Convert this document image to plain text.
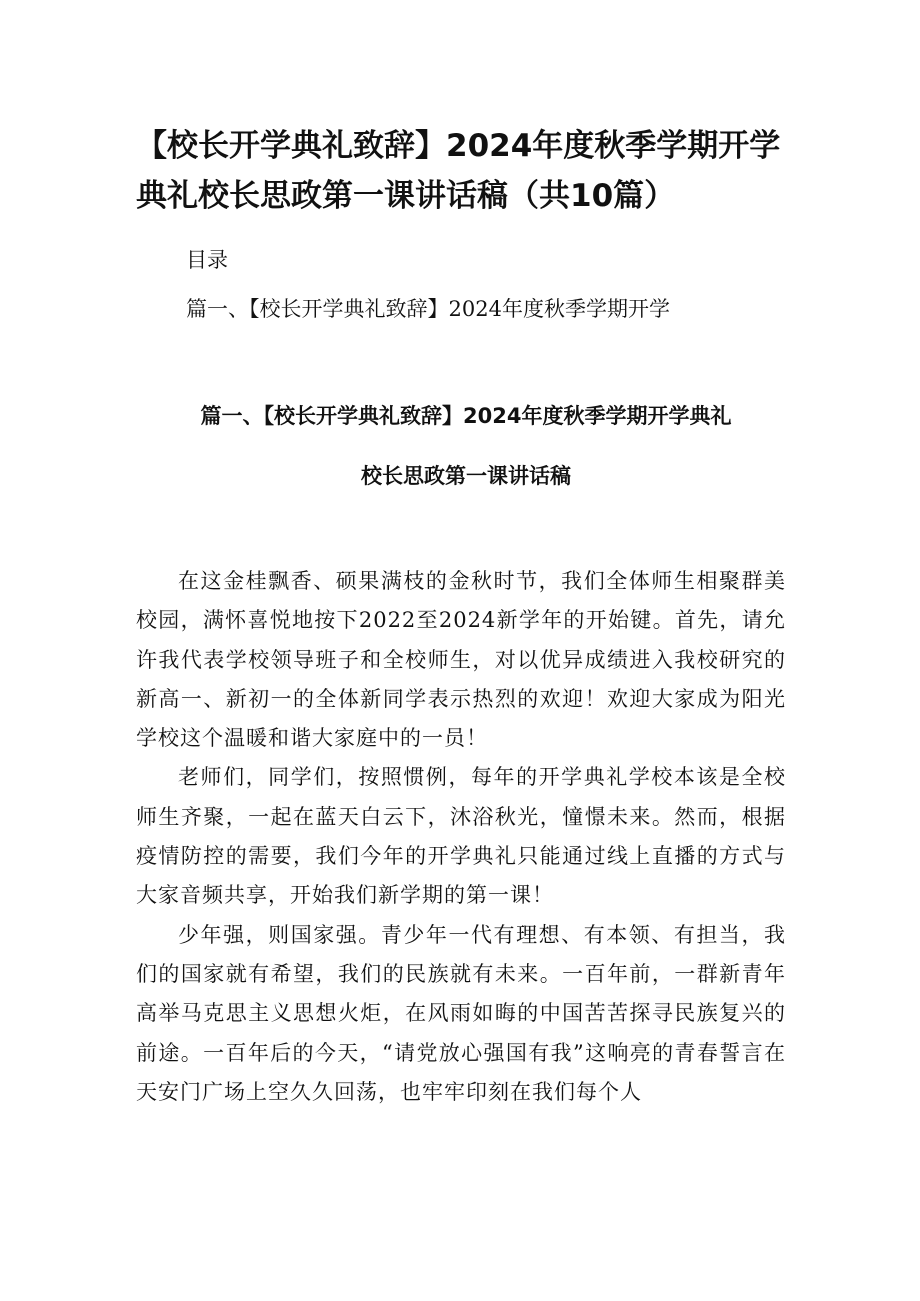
【校长开学典礼致辞】2024年度秋季学期开学典礼校长思政第一课讲话稿（共10篇）

目录

篇一、【校长开学典礼致辞】2024年度秋季学期开学

篇一、【校长开学典礼致辞】2024年度秋季学期开学典礼

校长思政第一课讲话稿

在这金桂飘香、硕果满枝的金秋时节，我们全体师生相聚群美校园，满怀喜悦地按下2022至2024新学年的开始键。首先，请允许我代表学校领导班子和全校师生，对以优异成绩进入我校研究的新高一、新初一的全体新同学表示热烈的欢迎！欢迎大家成为阳光学校这个温暖和谐大家庭中的一员！

老师们，同学们，按照惯例，每年的开学典礼学校本该是全校师生齐聚，一起在蓝天白云下，沐浴秋光，憧憬未来。然而，根据疫情防控的需要，我们今年的开学典礼只能通过线上直播的方式与大家音频共享，开始我们新学期的第一课！

少年强，则国家强。青少年一代有理想、有本领、有担当，我们的国家就有希望，我们的民族就有未来。一百年前，一群新青年高举马克思主义思想火炬，在风雨如晦的中国苦苦探寻民族复兴的前途。一百年后的今天，“请党放心强国有我”这响亮的青春誓言在天安门广场上空久久回荡，也牢牢印刻在我们每个人
